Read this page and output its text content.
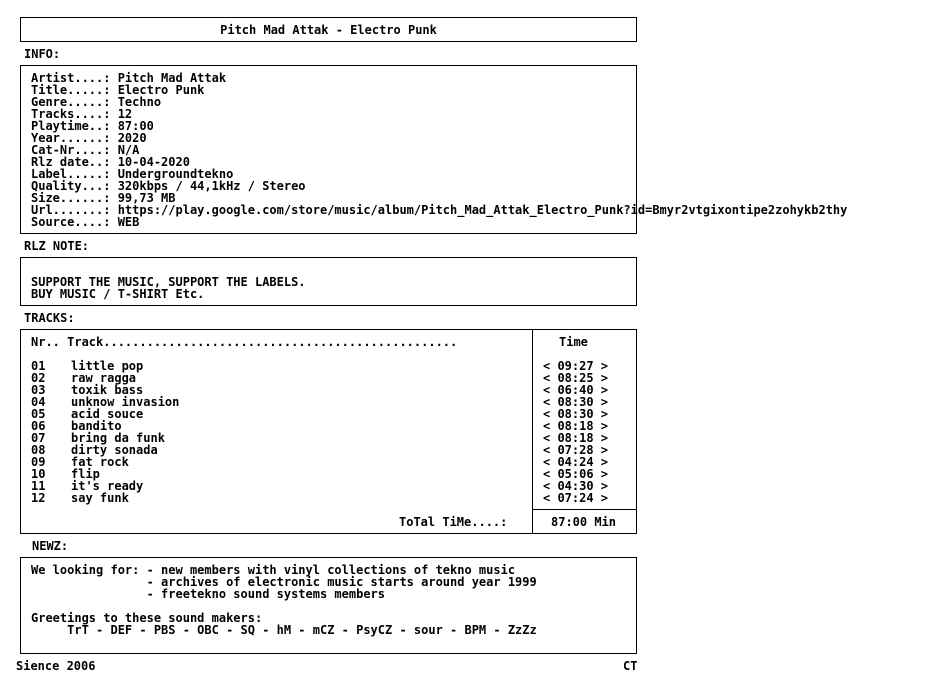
Pitch Mad Attak - Electro Punk
INFO:
Artist....: Pitch Mad Attak
Title.....: Electro Punk
Genre.....: Techno
Tracks....: 12
Playtime..: 87:00
Year......: 2020
Cat-Nr....: N/A
Rlz date..: 10-04-2020
Label.....: Undergroundtekno
Quality...: 320kbps / 44,1kHz / Stereo
Size......: 99,73 MB
Url.......: https://play.google.com/store/music/album/Pitch_Mad_Attak_Electro_Punk?id=Bmyr2vtgixontipe2zohykb2thy
Source....: WEB
RLZ NOTE:
SUPPORT THE MUSIC, SUPPORT THE LABELS.
BUY MUSIC / T-SHIRT Etc.
TRACKS:
Nr.. Track.................................................	Time
01 little pop	< 09:27 >
02 raw ragga	< 08:25 >
03 toxik bass	< 06:40 >
04 unknow invasion	< 08:30 >
05 acid souce	< 08:30 >
06 bandito	< 08:18 >
07 bring da funk	< 08:18 >
08 dirty sonada	< 07:28 >
09 fat rock	< 04:24 >
10 flip	< 05:06 >
11 it's ready	< 04:30 >
12 say funk	< 07:24 >
ToTal TiMe....:	87:00 Min
NEWZ:
We looking for: - new members with vinyl collections of tekno music
- archives of electronic music starts around year 1999
- freetekno sound systems members
Greetings to these sound makers:
TrT - DEF - PBS - OBC - SQ - hM - mCZ - PsyCZ - sour - BPM - ZzZz
Sience 2006	CT
